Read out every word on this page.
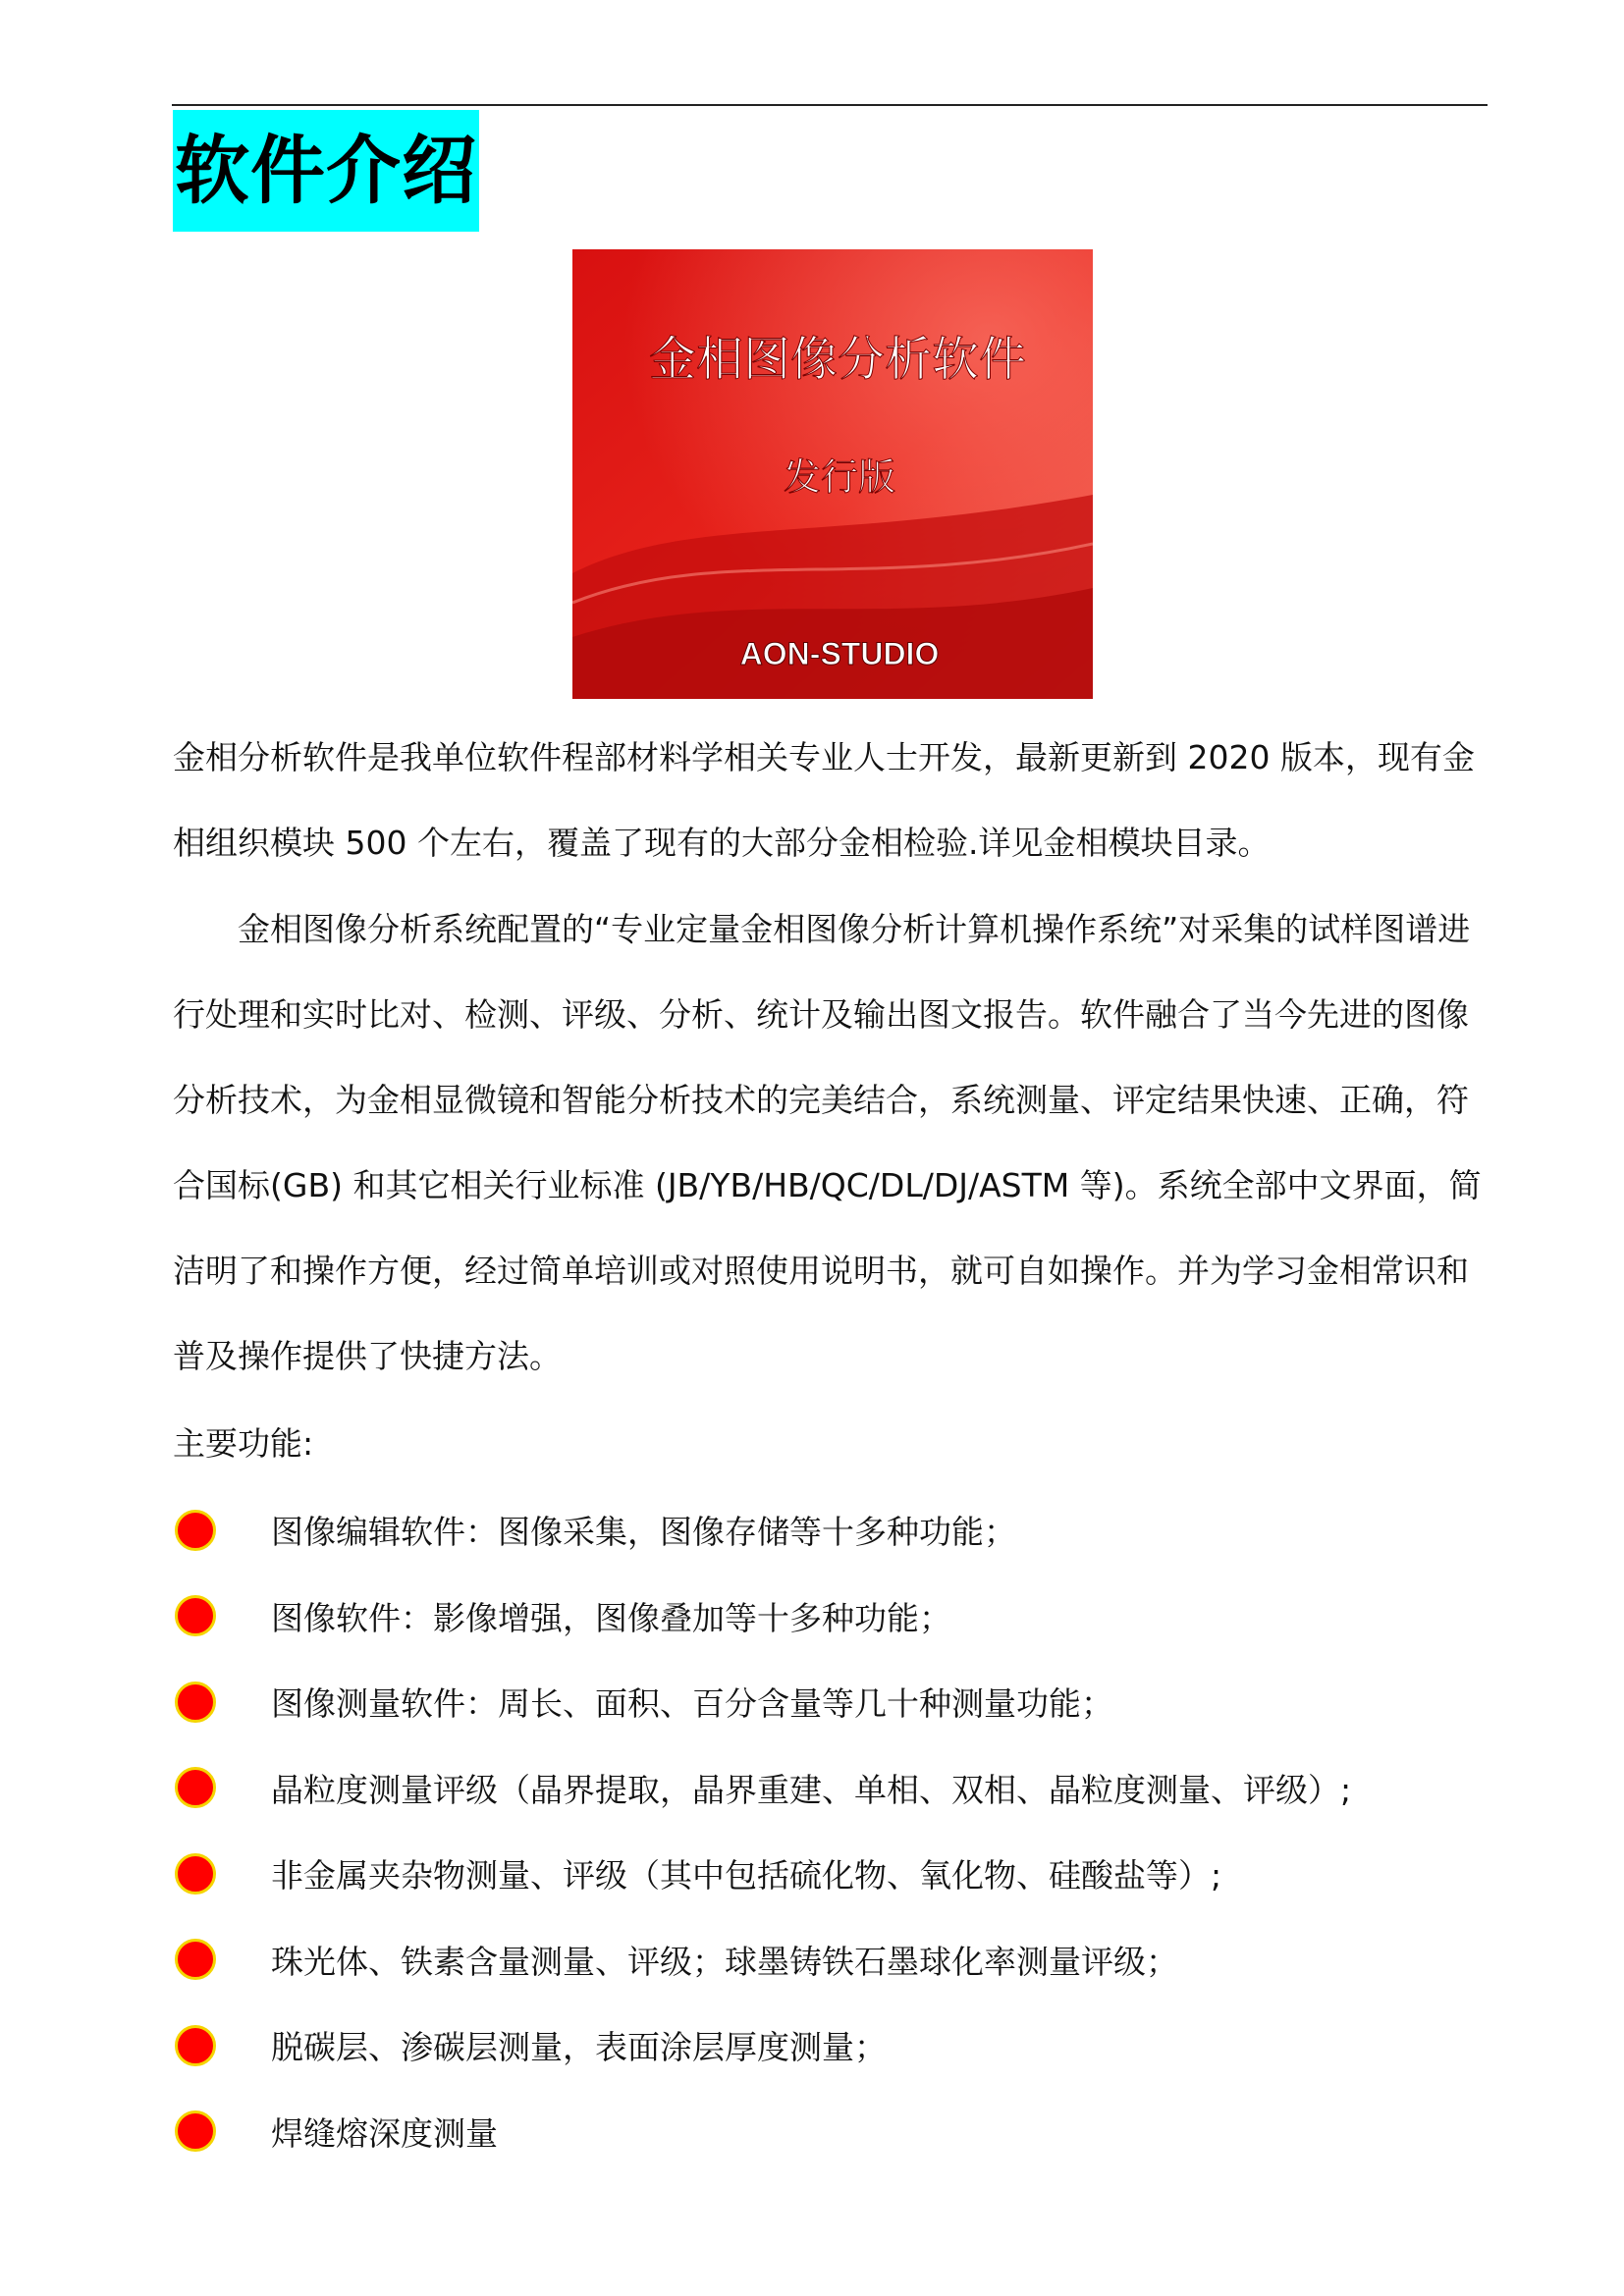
软件介绍
金相图像分析软件
发行版
AON-STUDIO

金相分析软件是我单位软件程部材料学相关专业人士开发，最新更新到 2020 版本，现有金相组织模块 500 个左右，覆盖了现有的大部分金相检验.详见金相模块目录。

金相图像分析系统配置的“专业定量金相图像分析计算机操作系统”对采集的试样图谱进行处理和实时比对、检测、评级、分析、统计及输出图文报告。软件融合了当今先进的图像分析技术，为金相显微镜和智能分析技术的完美结合，系统测量、评定结果快速、正确，符合国标(GB) 和其它相关行业标准 (JB/YB/HB/QC/DL/DJ/ASTM 等)。系统全部中文界面，简洁明了和操作方便，经过简单培训或对照使用说明书，就可自如操作。并为学习金相常识和普及操作提供了快捷方法。

主要功能:
图像编辑软件：图像采集，图像存储等十多种功能；
图像软件：影像增强，图像叠加等十多种功能；
图像测量软件：周长、面积、百分含量等几十种测量功能；
晶粒度测量评级（晶界提取，晶界重建、单相、双相、晶粒度测量、评级）;
非金属夹杂物测量、评级（其中包括硫化物、氧化物、硅酸盐等）;
珠光体、铁素含量测量、评级；球墨铸铁石墨球化率测量评级；
脱碳层、渗碳层测量，表面涂层厚度测量；
焊缝熔深度测量
